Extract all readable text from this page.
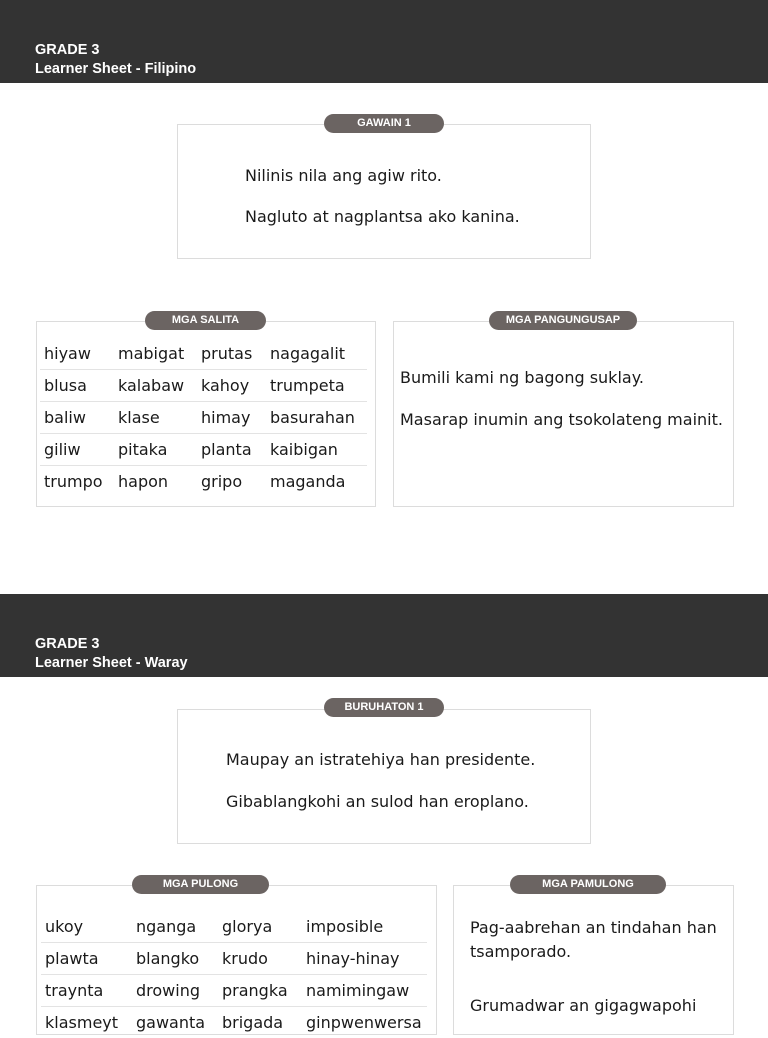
GRADE 3
Learner Sheet - Filipino
GAWAIN 1
Nilinis nila ang agiw rito.
Nagluto at nagplantsa ako kanina.
MGA SALITA
hiyaw	mabigat	prutas	nagagalit
blusa	kalabaw	kahoy	trumpeta
baliw	klase	himay	basurahan
giliw	pitaka	planta	kaibigan
trumpo	hapon	gripo	maganda
MGA PANGUNGUSAP
Bumili kami ng bagong suklay.
Masarap inumin ang tsokolateng mainit.
GRADE 3
Learner Sheet - Waray
BURUHATON 1
Maupay an istratehiya han presidente.
Gibablangkohi an sulod han eroplano.
MGA PULONG
ukoy	nganga	glorya	imposible
plawta	blangko	krudo	hinay-hinay
traynta	drowing	prangka	namimingaw
klasmeyt	gawanta	brigada	ginpwenwersa
MGA PAMULONG
Pag-aabrehan an tindahan han tsamporado.
Grumadwar an gigagwapohi
